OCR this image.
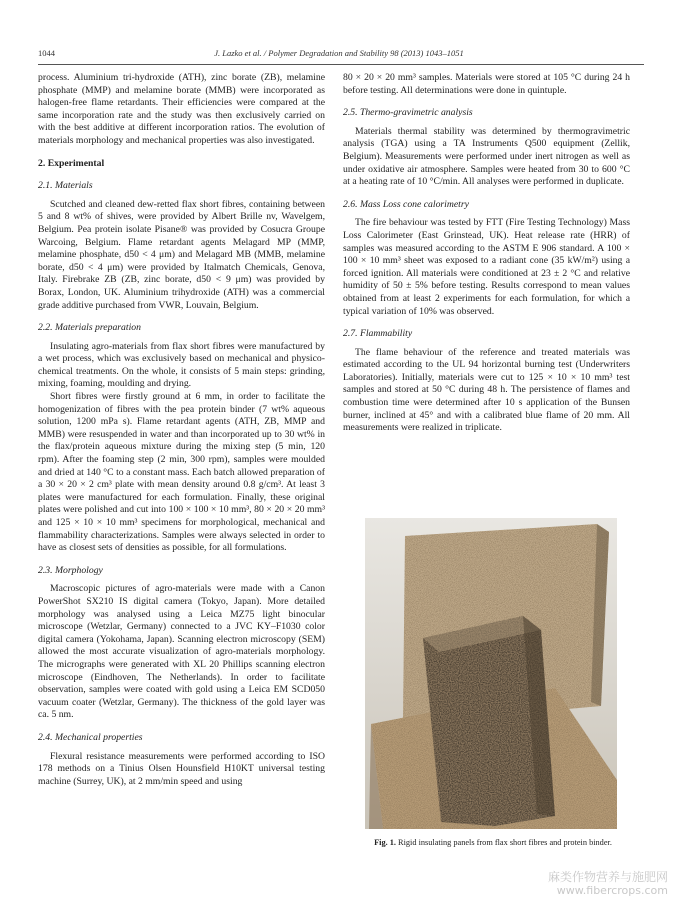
1044	J. Lazko et al. / Polymer Degradation and Stability 98 (2013) 1043–1051

process. Aluminium tri-hydroxide (ATH), zinc borate (ZB), melamine phosphate (MMP) and melamine borate (MMB) were incorporated as halogen-free flame retardants. Their efficiencies were compared at the same incorporation rate and the study was then exclusively carried on with the best additive at different incorporation ratios. The evolution of materials morphology and mechanical properties was also investigated.

2. Experimental
2.1. Materials

Scutched and cleaned dew-retted flax short fibres, containing between 5 and 8 wt% of shives, were provided by Albert Brille nv, Wavelgem, Belgium. Pea protein isolate Pisane® was provided by Cosucra Groupe Warcoing, Belgium. Flame retardant agents Melagard MP (MMP, melamine phosphate, d50 < 4 μm) and Melagard MB (MMB, melamine borate, d50 < 4 μm) were provided by Italmatch Chemicals, Genova, Italy. Firebrake ZB (ZB, zinc borate, d50 < 9 μm) was provided by Borax, London, UK. Aluminium trihydroxide (ATH) was a commercial grade additive purchased from VWR, Louvain, Belgium.

2.2. Materials preparation

Insulating agro-materials from flax short fibres were manufactured by a wet process, which was exclusively based on mechanical and physico-chemical treatments. On the whole, it consists of 5 main steps: grinding, mixing, foaming, moulding and drying.

Short fibres were firstly ground at 6 mm, in order to facilitate the homogenization of fibres with the pea protein binder (7 wt% aqueous solution, 1200 mPa s). Flame retardant agents (ATH, ZB, MMP and MMB) were resuspended in water and than incorporated up to 30 wt% in the flax/protein aqueous mixture during the mixing step (5 min, 120 rpm). After the foaming step (2 min, 300 rpm), samples were moulded and dried at 140 °C to a constant mass. Each batch allowed preparation of a 30 × 20 × 2 cm³ plate with mean density around 0.8 g/cm³. At least 3 plates were manufactured for each formulation. Finally, these original plates were polished and cut into 100 × 100 × 10 mm³, 80 × 20 × 20 mm³ and 125 × 10 × 10 mm³ specimens for morphological, mechanical and flammability characterizations. Samples were always selected in order to have as closest sets of densities as possible, for all formulations.

2.3. Morphology

Macroscopic pictures of agro-materials were made with a Canon PowerShot SX210 IS digital camera (Tokyo, Japan). More detailed morphology was analysed using a Leica MZ75 light binocular microscope (Wetzlar, Germany) connected to a JVC KY–F1030 color digital camera (Yokohama, Japan). Scanning electron microscopy (SEM) allowed the most accurate visualization of agro-materials morphology. The micrographs were generated with XL 20 Phillips scanning electron microscope (Eindhoven, The Netherlands). In order to facilitate observation, samples were coated with gold using a Leica EM SCD050 vacuum coater (Wetzlar, Germany). The thickness of the gold layer was ca. 5 nm.

2.4. Mechanical properties

Flexural resistance measurements were performed according to ISO 178 methods on a Tinius Olsen Hounsfield H10KT universal testing machine (Surrey, UK), at 2 mm/min speed and using

80 × 20 × 20 mm³ samples. Materials were stored at 105 °C during 24 h before testing. All determinations were done in quintuple.

2.5. Thermo-gravimetric analysis

Materials thermal stability was determined by thermogravimetric analysis (TGA) using a TA Instruments Q500 equipment (Zellik, Belgium). Measurements were performed under inert nitrogen as well as under oxidative air atmosphere. Samples were heated from 30 to 600 °C at a heating rate of 10 °C/min. All analyses were performed in duplicate.

2.6. Mass Loss cone calorimetry

The fire behaviour was tested by FTT (Fire Testing Technology) Mass Loss Calorimeter (East Grinstead, UK). Heat release rate (HRR) of samples was measured according to the ASTM E 906 standard. A 100 × 100 × 10 mm³ sheet was exposed to a radiant cone (35 kW/m²) using a forced ignition. All materials were conditioned at 23 ± 2 °C and relative humidity of 50 ± 5% before testing. Results correspond to mean values obtained from at least 2 experiments for each formulation, for which a typical variation of 10% was observed.

2.7. Flammability

The flame behaviour of the reference and treated materials was estimated according to the UL 94 horizontal burning test (Underwriters Laboratories). Initially, materials were cut to 125 × 10 × 10 mm³ test samples and stored at 50 °C during 48 h. The persistence of flames and combustion time were determined after 10 s application of the Bunsen burner, inclined at 45° and with a calibrated blue flame of 20 mm. All measurements were realized in triplicate.

Fig. 1. Rigid insulating panels from flax short fibres and protein binder.
麻类作物营养与施肥网
www.fibercrops.com
